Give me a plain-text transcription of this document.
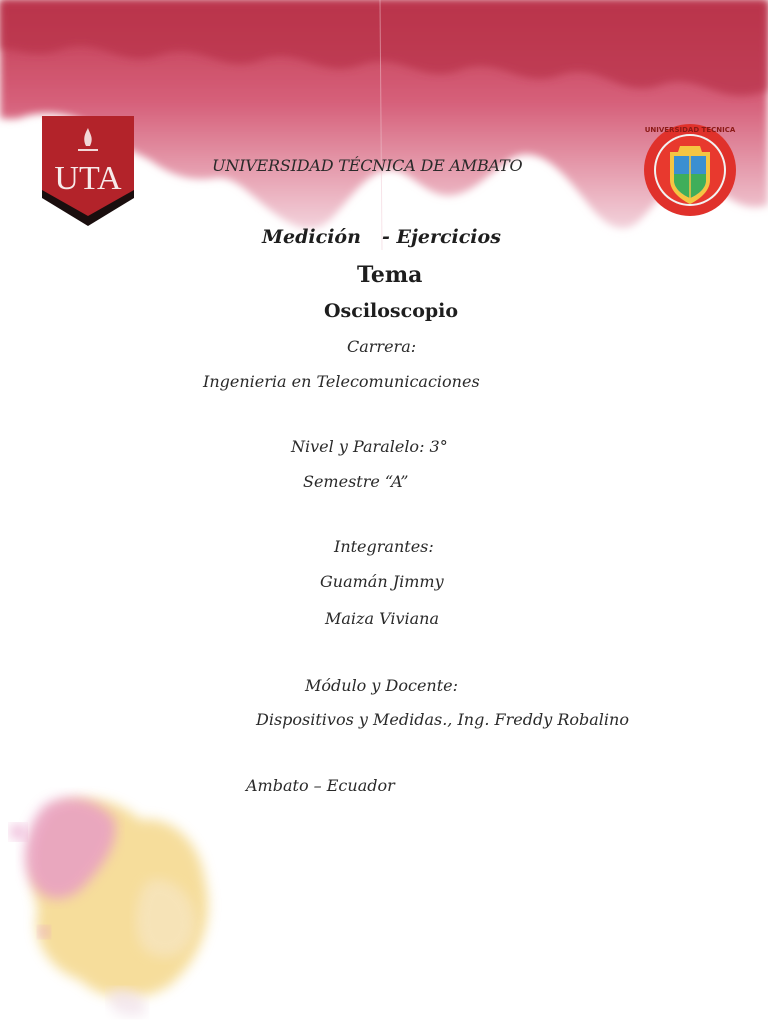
UTA
UNIVERSIDAD TECNICA
UNIVERSIDAD TÉCNICA DE AMBATO
Medición - Ejercicios
Tema
Osciloscopio
Carrera:
Ingenieria en Telecomunicaciones
Nivel y Paralelo: 3°
Semestre “A”
Integrantes:
Guamán Jimmy
Maiza Viviana
Módulo y Docente:
Dispositivos y Medidas., Ing. Freddy Robalino
Ambato – Ecuador
